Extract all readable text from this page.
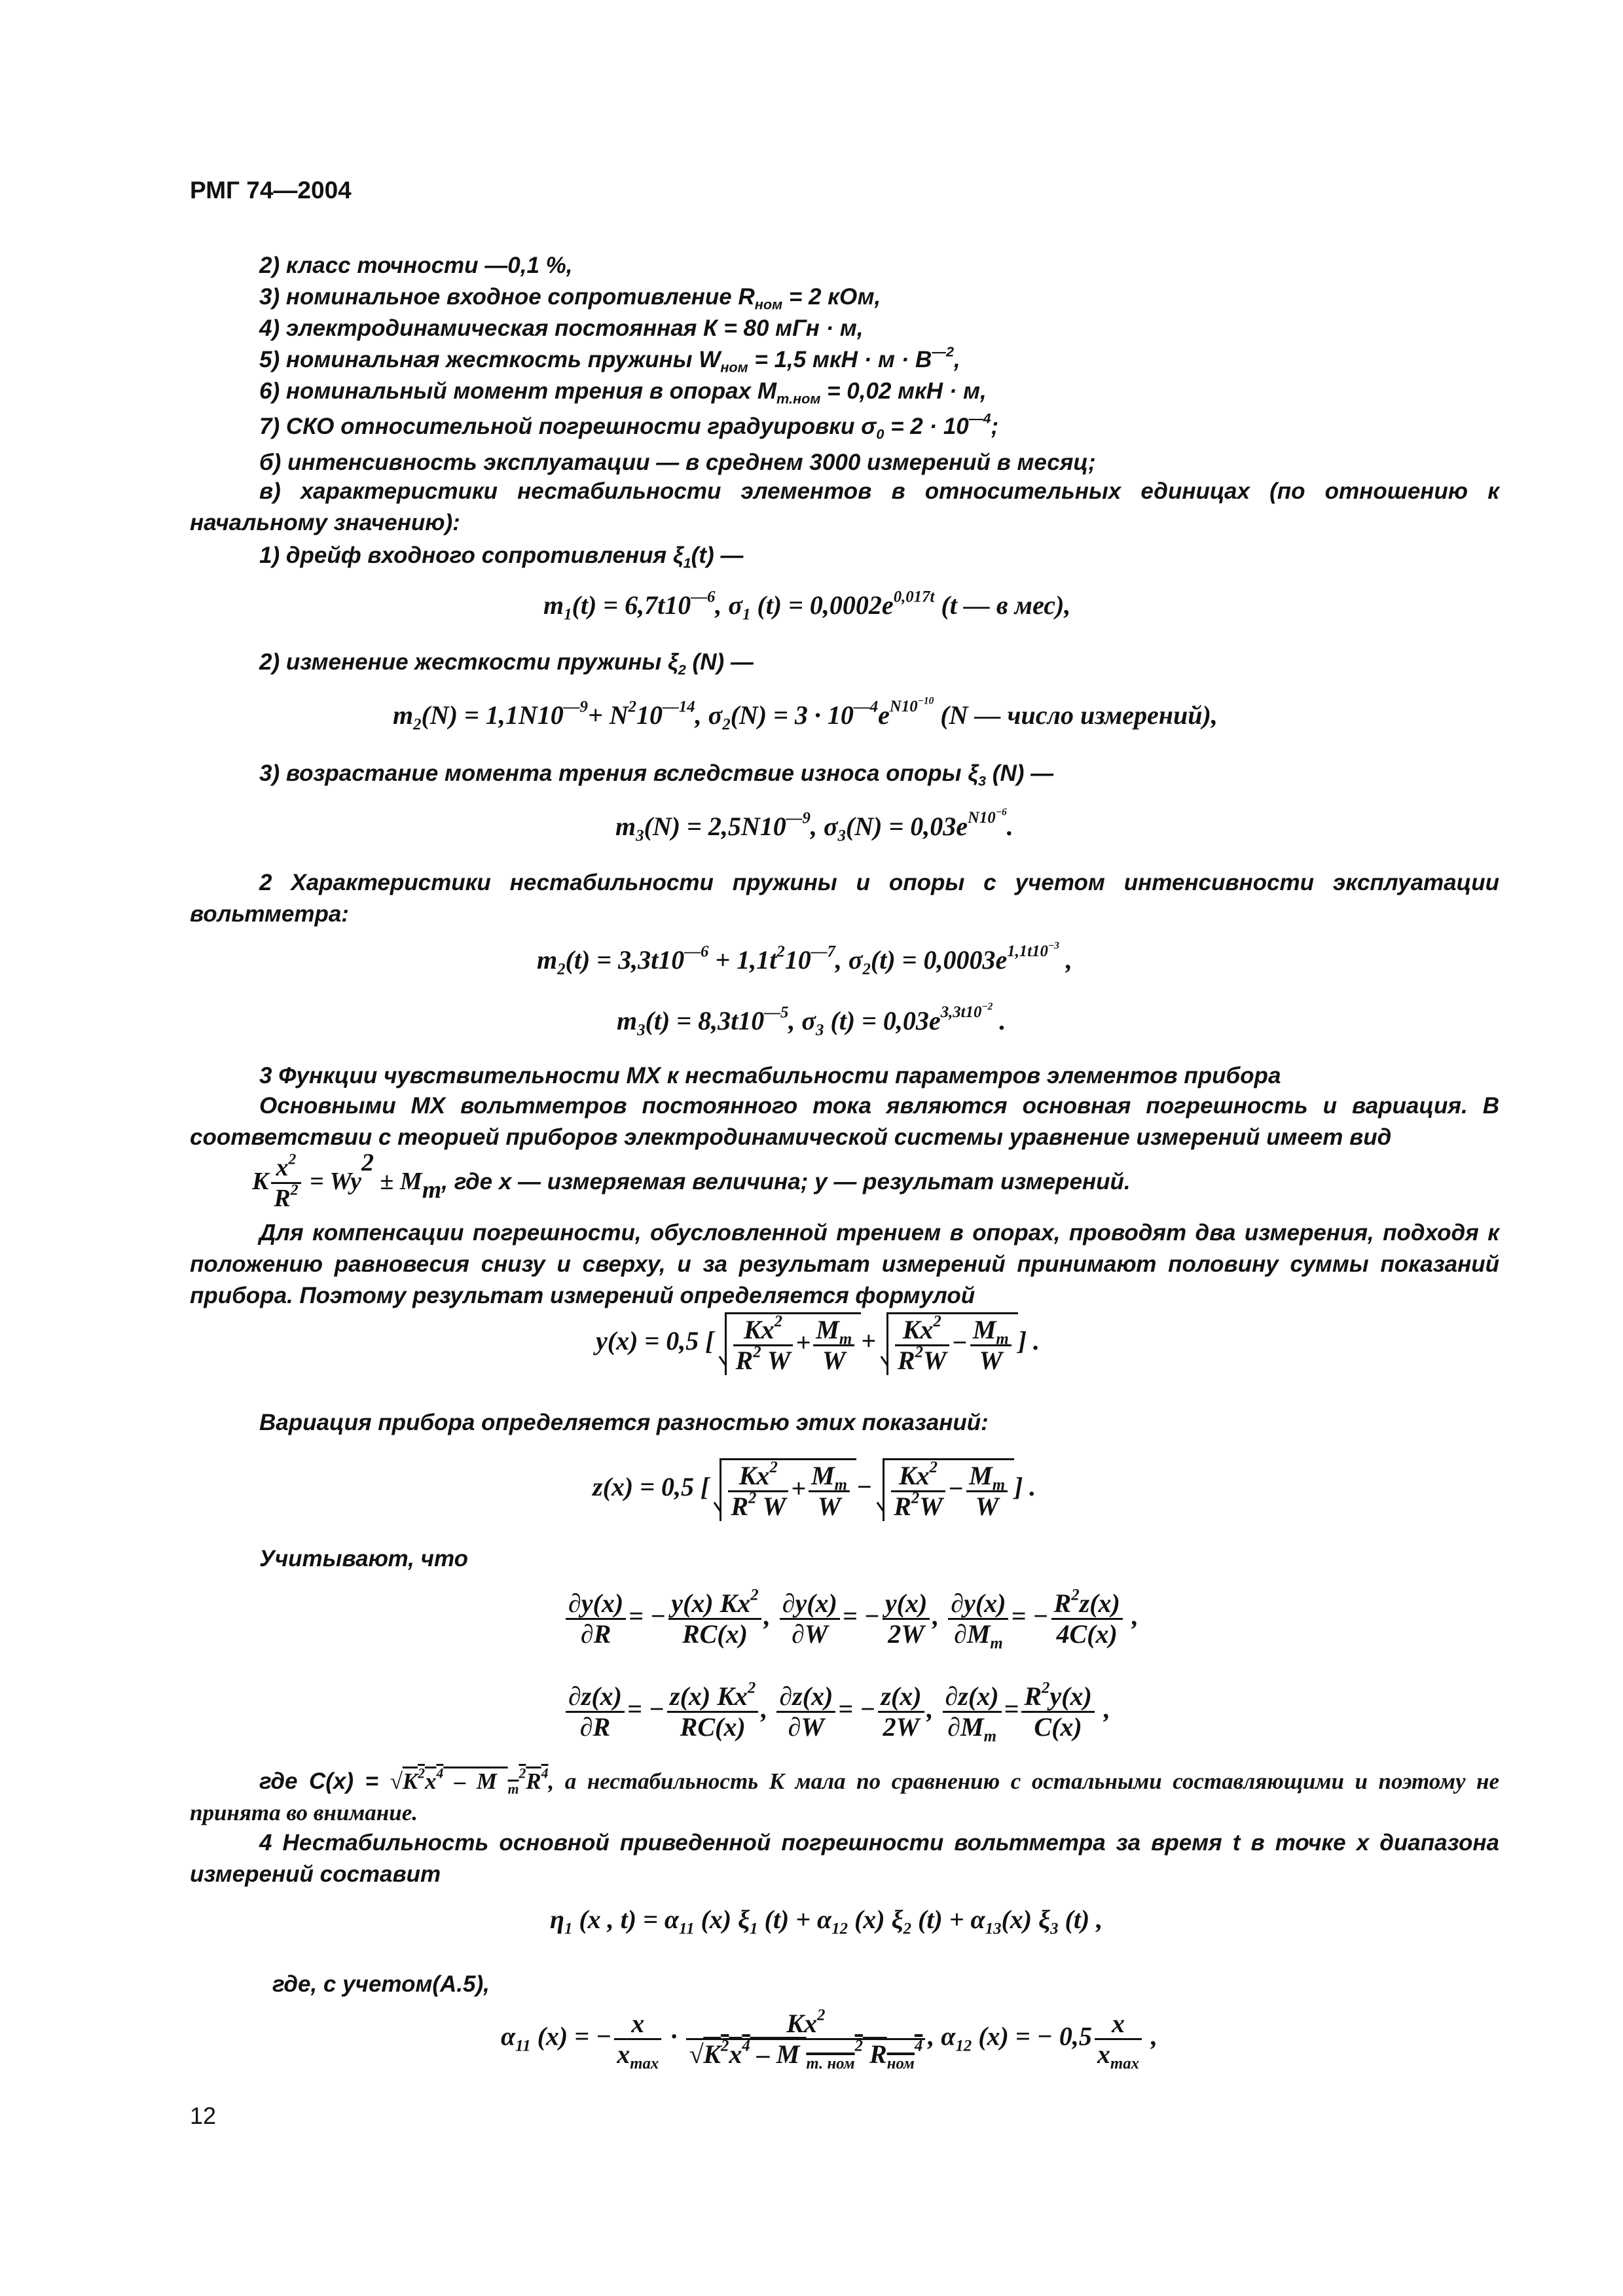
РМГ 74—2004
2) класс точности —0,1 %,
3) номинальное входное сопротивление $R_{ном} = 2$ кОм,
4) электродинамическая постоянная К = 80 мГн · м,
5) номинальная жесткость пружины $W_{ном} = 1,5$ мкН · $м \cdot В^{—2}$,
6) номинальный момент трения в опорах $М_{т.ном} = 0,02$ мкН · м,
7) СКО относительной погрешности градуировки $\sigma_0 = 2 \cdot 10^{—4}$;
б) интенсивность эксплуатации — в среднем 3000 измерений в месяц;
в) характеристики нестабильности элементов в относительных единицах (по отношению к начальному значению):
1) дрейф входного сопротивления $\xi_1(t)$ —
$m_1(t) = 6,7t10^{—6}$, $\sigma_1$ $(t) = 0,0002e^{0,017t}$ (t — в мес),
2) изменение жесткости пружины $\xi_2$ (N) —
$m_2(N) = 1,1N10^{—9}+ N^210^{—14}$, $\sigma_2(N) = 3 \cdot 10^{—4}e^{N10^{-10}}$ (N — число измерений),
3) возрастание момента трения вследствие износа опоры $\xi_3$ (N) —
$m_3(N) = 2,5N10^{—9}$, $\sigma_3(N) = 0,03e^{N10^{-6}}$.
2 Характеристики нестабильности пружины и опоры с учетом интенсивности эксплуатации вольтметра:
$m_2(t) = 3,3t10^{—6} + 1,1t^210^{—7}$, $\sigma_2(t) = 0,0003e^{1,1t10^{-3}}$ ,
$m_3(t) = 8,3t10^{—5}$, $\sigma_3$ $(t) = 0,03e^{3,3t10^{-2}}$ .
3 Функции чувствительности МХ к нестабильности параметров элементов прибора
Основными МХ вольтметров постоянного тока являются основная погрешность и вариация. В соответствии с теорией приборов электродинамической системы уравнение измерений имеет вид
K $\frac{x^2}{R^2} = Wy^2 \pm M_m$, где x — измеряемая величина; y — результат измерений.
Для компенсации погрешности, обусловленной трением в опорах, проводят два измерения, подходя к положению равновесия снизу и сверху, и за результат измерений принимают половину суммы показаний прибора. Поэтому результат измерений определяется формулой
y(x) = 0,5 [ $\frac{Kx^2}{R^2 W} + \frac{M_m}{W} + \frac{Kx^2}{R^2W} - \frac{M_m}{W}$ ] .
Вариация прибора определяется разностью этих показаний:
z(x) = 0,5 [ $\frac{Kx^2}{R^2 W} + \frac{M_m}{W} - \frac{Kx^2}{R^2W} - \frac{M_m}{W}$ ] .
Учитывают, что
$\frac{\partial y(x)}{\partial R}$ = − $\frac{y(x) Kx^2}{RC(x)}$ , $\frac{\partial y(x)}{\partial W}$ = − $\frac{y(x)}{2W}$ , $\frac{\partial y(x)}{\partial M_m}$ = − $\frac{R^2z(x)}{4C(x)}$ ,
$\frac{\partial z(x)}{\partial R}$ = − $\frac{z(x) Kx^2}{RC(x)}$ , $\frac{\partial z(x)}{\partial W}$ = − $\frac{z(x)}{2W}$ , $\frac{\partial z(x)}{\partial M_m} = \frac{R^2y(x)}{C(x)}$ ,
где $C(x) = √K^2x^4 - M$ $_m^2R^4$, а нестабильность K мала по сравнению с остальными составляющими и поэтому не принята во внимание.
4 Нестабильность основной приведенной погрешности вольтметра за время t в точке x диапазона измерений составит
$\eta_1$ (x , $t) = \alpha_{11}$ (x) $\xi_1$ $(t) + \alpha_{12}$ (x) $\xi_2$ $(t) + \alpha_{13}(x)$ $\xi_3$ (t) ,
где, с учетом(А.5),
$\alpha_{11}$ (x) = − x
$x_{max}$
·	$Kx^2$
$√K^2x^4$ – M $_{т. ном}^2$ $R_{ном}^4$ , $\alpha_{12}$ (x) = − 0,5 x
$x_{max}$
,
12
